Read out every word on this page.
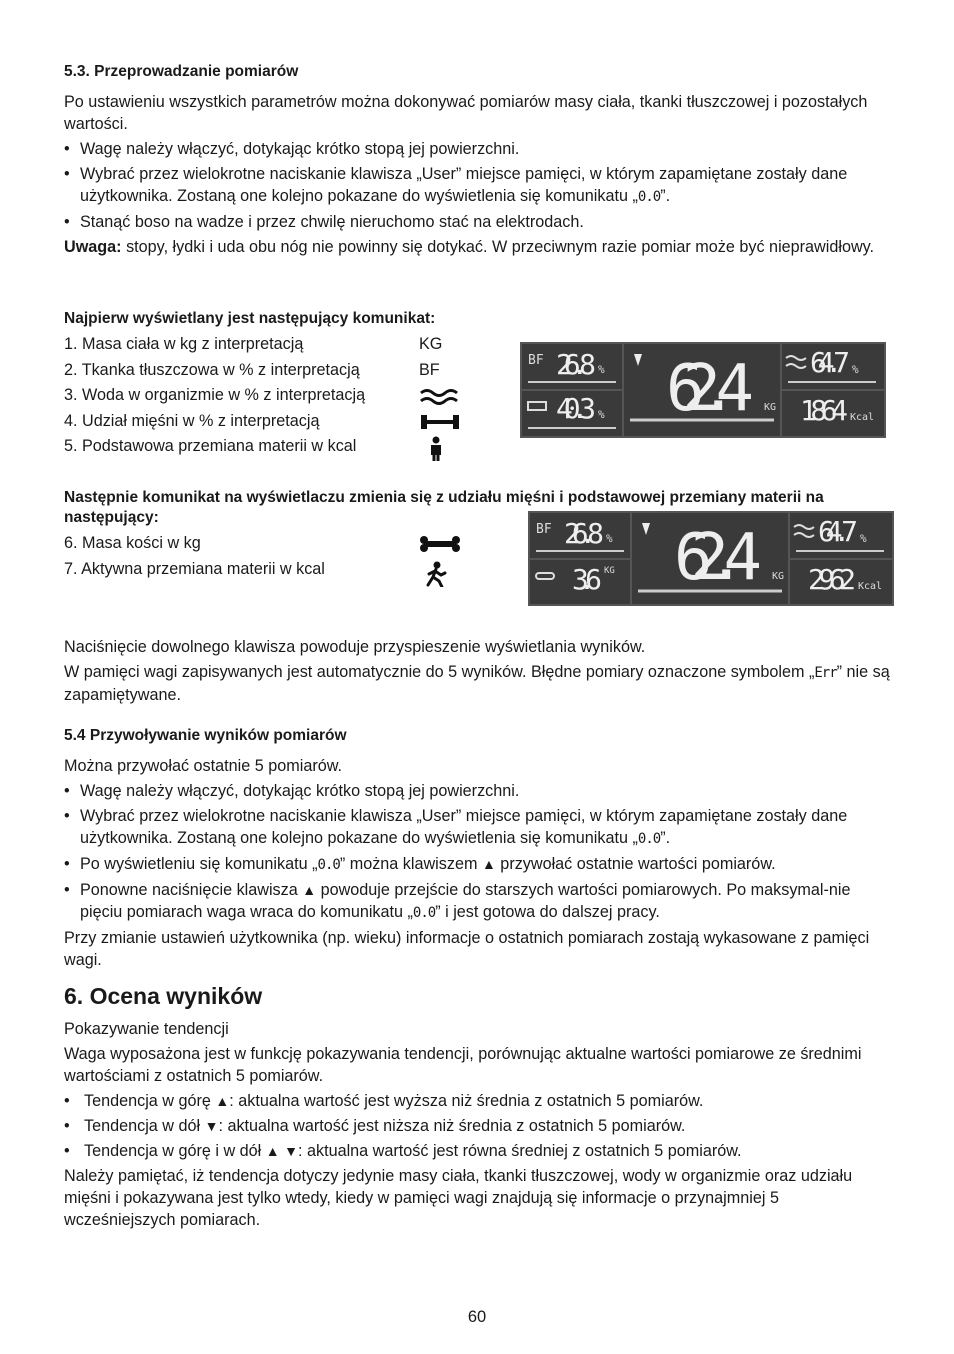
5.3. Przeprowadzanie pomiarów

Po ustawieniu wszystkich parametrów można dokonywać pomiarów masy ciała, tkanki tłuszczowej i pozostałych wartości.

• Wagę należy włączyć, dotykając krótko stopą jej powierzchni.
• Wybrać przez wielokrotne naciskanie klawisza „User” miejsce pamięci, w którym zapamiętane zostały dane użytkownika. Zostaną one kolejno pokazane do wyświetlenia się komunikatu „0.0”.
• Stanąć boso na wadze i przez chwilę nieruchomo stać na elektrodach.

Uwaga: stopy, łydki i uda obu nóg nie powinny się dotykać. W przeciwnym razie pomiar może być nieprawidłowy.

Najpierw wyświetlany jest następujący komunikat:

1. Masa ciała w kg z interpretacją	KG
2. Tkanka tłuszczowa w % z interpretacją	BF
3. Woda w organizmie w % z interpretacją
4. Udział mięśni w % z interpretacją
5. Podstawowa przemiana materii w kcal

Następnie komunikat na wyświetlaczu zmienia się z udziału mięśni i podstawowej przemiany materii na następujący:

6. Masa kości w kg
7. Aktywna przemiana materii w kcal

Naciśnięcie dowolnego klawisza powoduje przyspieszenie wyświetlania wyników.

W pamięci wagi zapisywanych jest automatycznie do 5 wyników. Błędne pomiary oznaczone symbolem „Err” nie są zapamiętywane.

5.4 Przywoływanie wyników pomiarów

Można przywołać ostatnie 5 pomiarów.

• Wagę należy włączyć, dotykając krótko stopą jej powierzchni.
• Wybrać przez wielokrotne naciskanie klawisza „User” miejsce pamięci, w którym zapamiętane zostały dane użytkownika. Zostaną one kolejno pokazane do wyświetlenia się komunikatu „0.0”.
• Po wyświetleniu się komunikatu „0.0” można klawiszem ▲ przywołać ostatnie wartości pomiarów.
• Ponowne naciśnięcie klawisza ▲ powoduje przejście do starszych wartości pomiarowych. Po maksymal-nie pięciu pomiarach waga wraca do komunikatu „0.0” i jest gotowa do dalszej pracy.

Przy zmianie ustawień użytkownika (np. wieku) informacje o ostatnich pomiarach zostają wykasowane z pamięci wagi.

6. Ocena wyników

Pokazywanie tendencji

Waga wyposażona jest w funkcję pokazywania tendencji, porównując aktualne wartości pomiarowe ze średnimi wartościami z ostatnich 5 pomiarów.

• Tendencja w górę ▲: aktualna wartość jest wyższa niż średnia z ostatnich 5 pomiarów.
• Tendencja w dół ▼: aktualna wartość jest niższa niż średnia z ostatnich 5 pomiarów.
• Tendencja w górę i w dół ▲ ▼: aktualna wartość jest równa średniej z ostatnich 5 pomiarów.

Należy pamiętać, iż tendencja dotyczy jedynie masy ciała, tkanki tłuszczowej, wody w organizmie oraz udziału mięśni i pokazywana jest tylko wtedy, kiedy w pamięci wagi znajdują się informacje o przynajmniej 5 wcześniejszych pomiarach.

BF 26.8 %
40.3 % 62.4 KG
64.7 %
1864 Kcal
BF 26.8 %
3.6 KG 62.4 KG
64.7 %
2962 Kcal
60
